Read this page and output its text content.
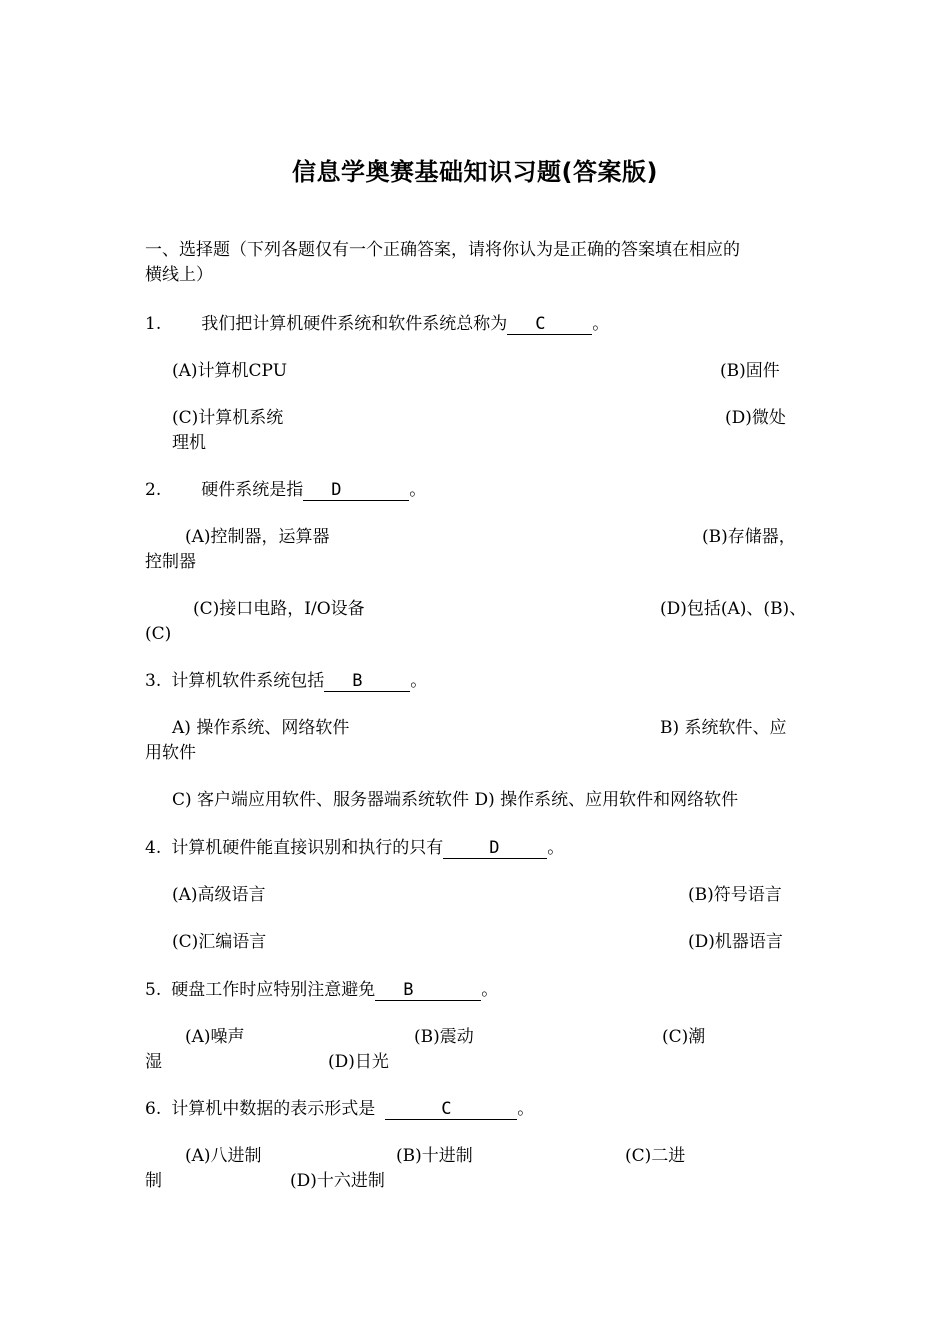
信息学奥赛基础知识习题(答案版)
一、选择题（下列各题仅有一个正确答案，请将你认为是正确的答案填在相应的
横线上）
1. 我们把计算机硬件系统和软件系统总称为 C	。
(A)计算机CPU	(B)固件
(C)计算机系统	(D)微处
理机
2. 硬件系统是指 D	。
(A)控制器，运算器	(B)存储器，
控制器
(C)接口电路，I/O设备	(D)包括(A)、(B)、
(C)
3. 计算机软件系统包括 B	。
A) 操作系统、网络软件	B) 系统软件、应
用软件
C) 客户端应用软件、服务器端系统软件 D) 操作系统、应用软件和网络软件
4. 计算机硬件能直接识别和执行的只有	D	。
(A)高级语言	(B)符号语言
(C)汇编语言	(D)机器语言
5. 硬盘工作时应特别注意避免 B	。
(A)噪声	(B)震动	(C)潮
湿	(D)日光
6. 计算机中数据的表示形式是	C	。
(A)八进制	(B)十进制	(C)二进
制	(D)十六进制
